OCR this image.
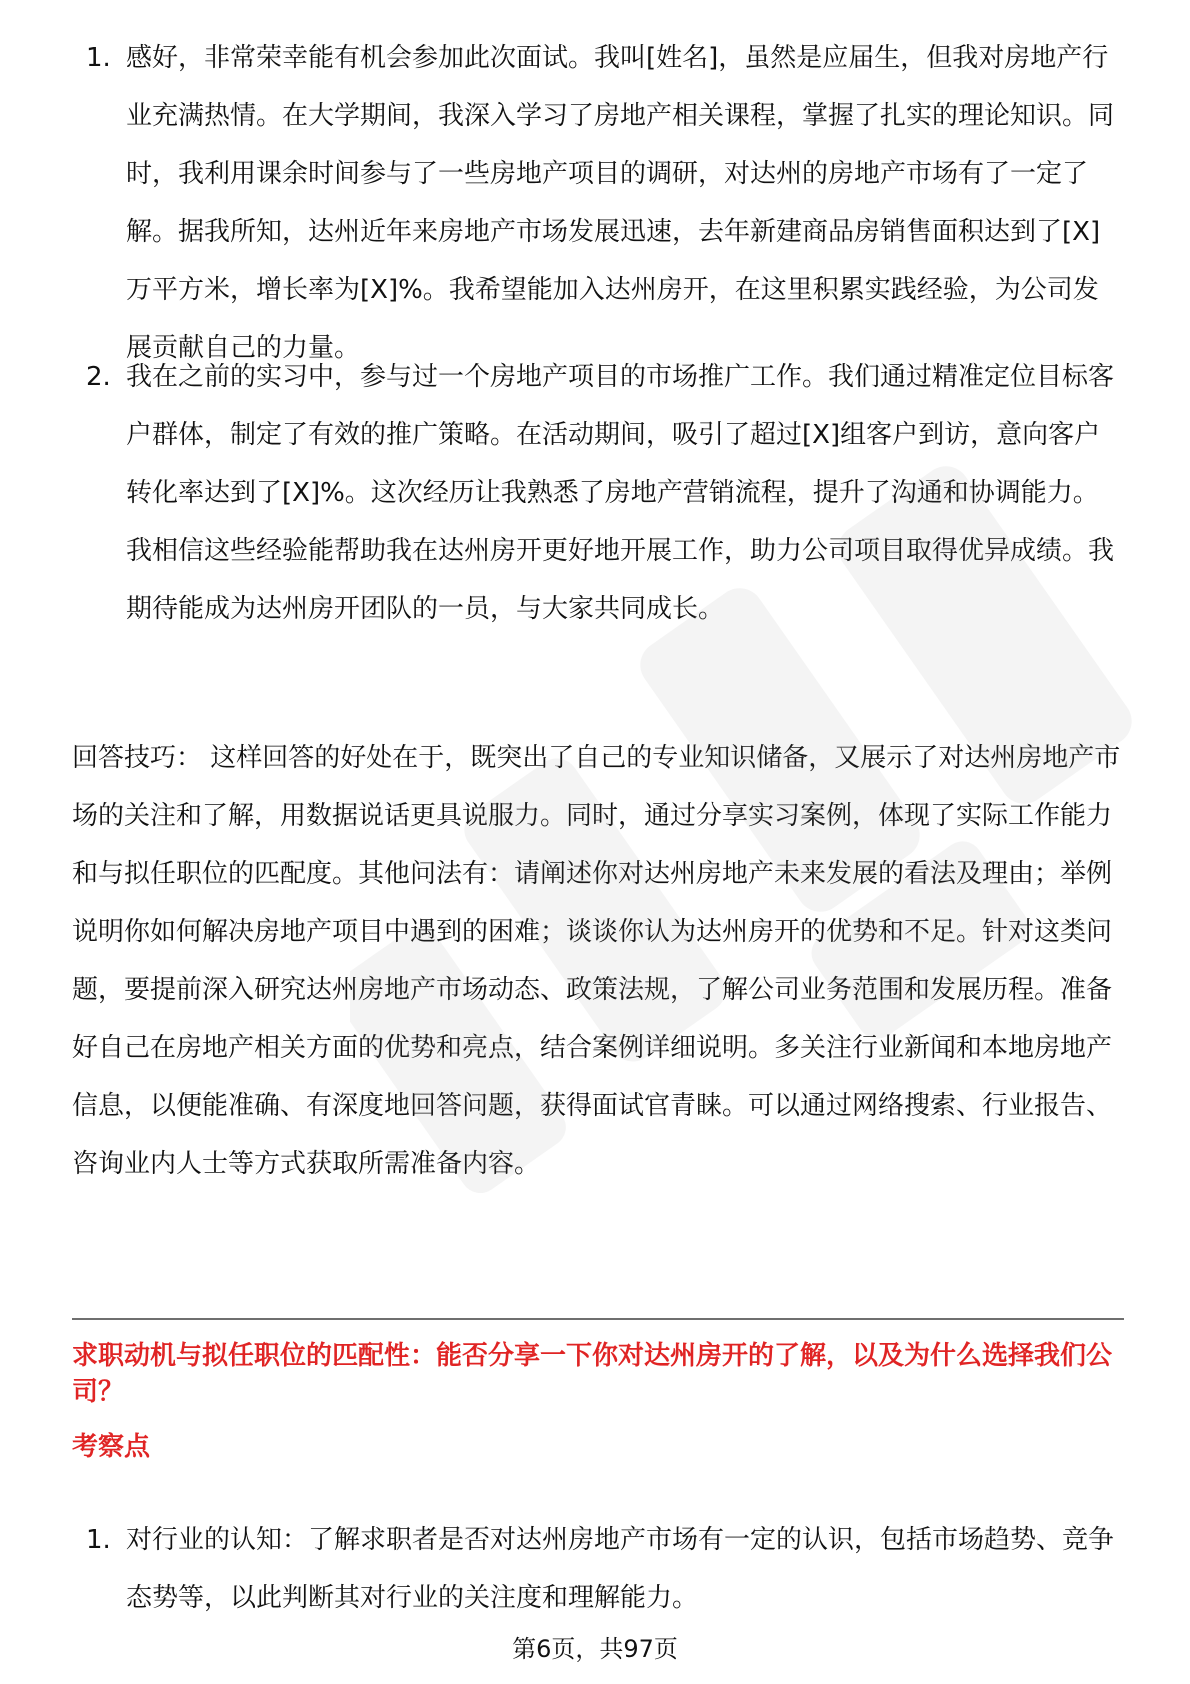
1. 感好，非常荣幸能有机会参加此次面试。我叫[姓名]，虽然是应届生，但我对房地产行业充满热情。在大学期间，我深入学习了房地产相关课程，掌握了扎实的理论知识。同时，我利用课余时间参与了一些房地产项目的调研，对达州的房地产市场有了一定了解。据我所知，达州近年来房地产市场发展迅速，去年新建商品房销售面积达到了[X]万平方米，增长率为[X]%。我希望能加入达州房开，在这里积累实践经验，为公司发展贡献自己的力量。
2. 我在之前的实习中，参与过一个房地产项目的市场推广工作。我们通过精准定位目标客户群体，制定了有效的推广策略。在活动期间，吸引了超过[X]组客户到访，意向客户转化率达到了[X]%。这次经历让我熟悉了房地产营销流程，提升了沟通和协调能力。我相信这些经验能帮助我在达州房开更好地开展工作，助力公司项目取得优异成绩。我期待能成为达州房开团队的一员，与大家共同成长。
回答技巧： 这样回答的好处在于，既突出了自己的专业知识储备，又展示了对达州房地产市场的关注和了解，用数据说话更具说服力。同时，通过分享实习案例，体现了实际工作能力和与拟任职位的匹配度。其他问法有：请阐述你对达州房地产未来发展的看法及理由；举例说明你如何解决房地产项目中遇到的困难；谈谈你认为达州房开的优势和不足。针对这类问题，要提前深入研究达州房地产市场动态、政策法规，了解公司业务范围和发展历程。准备好自己在房地产相关方面的优势和亮点，结合案例详细说明。多关注行业新闻和本地房地产信息，以便能准确、有深度地回答问题，获得面试官青睐。可以通过网络搜索、行业报告、咨询业内人士等方式获取所需准备内容。
求职动机与拟任职位的匹配性：能否分享一下你对达州房开的了解，以及为什么选择我们公司？
考察点
1. 对行业的认知：了解求职者是否对达州房地产市场有一定的认识，包括市场趋势、竞争态势等，以此判断其对行业的关注度和理解能力。
第6页，共97页
